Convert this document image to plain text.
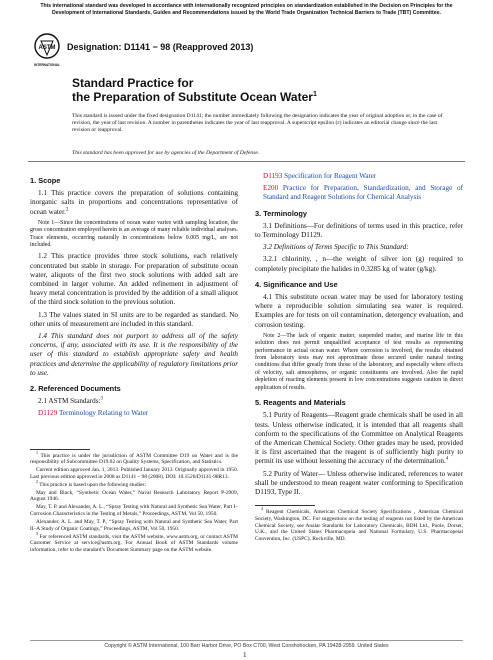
This international standard was developed in accordance with internationally recognized principles on standardization established in the Decision on Principles for the Development of International Standards, Guides and Recommendations issued by the World Trade Organization Technical Barriers to Trade (TBT) Committee.
ASTM
INTERNATIONAL
Designation: D1141 − 98 (Reapproved 2013)
Standard Practice for
the Preparation of Substitute Ocean Water$^1$
This standard is issued under the fixed designation D1141; the number immediately following the designation indicates the year of original adoption or, in the case of revision, the year of last revision. A number in parentheses indicates the year of last reapproval. A superscript epsilon (ε) indicates an editorial change since the last revision or reapproval.
This standard has been approved for use by agencies of the Department of Defense.
1. Scope

1.1 This practice covers the preparation of solutions containing inorganic salts in proportions and concentrations representative of ocean water.$^2$

Note 1—Since the concentrations of ocean water varies with sampling location, the gross concentration employed herein is an average of many reliable individual analyses. Trace elements, occurring naturally in concentrations below 0.005 mg/L, are not included.

1.2 This practice provides three stock solutions, each relatively concentrated but stable in storage. For preparation of substitute ocean water, aliquots of the first two stock solutions with added salt are combined in larger volume. An added refinement in adjustment of heavy metal concentration is provided by the addition of a small aliquot of the third stock solution to the previous solution.

1.3 The values stated in SI units are to be regarded as standard. No other units of measurement are included in this standard.

1.4 This standard does not purport to address all of the safety concerns, if any, associated with its use. It is the responsibility of the user of this standard to establish appropriate safety and health practices and determine the applicability of regulatory limitations prior to use.

2. Referenced Documents

2.1 ASTM Standards:$^3$

D1129 Terminology Relating to Water

$^1$ This practice is under the jurisdiction of ASTM Committee D19 on Water and is the responsibility of Subcommittee D19.02 on Quality Systems, Specification, and Statistics.
Current edition approved Jan. 1, 2013. Published January 2013. Originally approved in 1950. Last previous edition approved in 2008 as D1141 – 98 (2008). DOI: 10.1520/D1141-98R13.
$^2$ This practice is based upon the following studies:
May and Black, “Synthetic Ocean Water,” Naval Research Laboratory Report P-2909, August 1946.
May, T. P. and Alexander, A. L., “Spray Testing with Natural and Synthetic Sea Water, Part I–Corrosion Characteristics in the Testing of Metals,” Proceedings, ASTM, Vol 50, 1950.
Alexander, A. L. and May, T. P., “Spray Testing with Natural and Synthetic Sea Water, Part II–A Study of Organic Coatings,” Proceedings, ASTM, Vol 50, 1950.
$^3$ For referenced ASTM standards, visit the ASTM website, www.astm.org, or contact ASTM Customer Service at service@astm.org. For Annual Book of ASTM Standards volume information, refer to the standard’s Document Summary page on the ASTM website.

D1193 Specification for Reagent Water

E200 Practice for Preparation, Standardization, and Storage of Standard and Reagent Solutions for Chemical Analysis

3. Terminology

3.1 Definitions—For definitions of terms used in this practice, refer to Terminology D1129.

3.2 Definitions of Terms Specific to This Standard:

3.2.1 chlorinity, , n—the weight of silver ion (g) required to completely precipitate the halides in 0.3285 kg of water (g/kg).

4. Significance and Use

4.1 This substitute ocean water may be used for laboratory testing where a reproducible solution simulating sea water is required. Examples are for tests on oil contamination, detergency evaluation, and corrosion testing.

Note 2—The lack of organic matter, suspended matter, and marine life in this solution does not permit unqualified acceptance of test results as representing performance in actual ocean water. Where corrosion is involved, the results obtained from laboratory tests may not approximate those secured under natural testing conditions that differ greatly from those of the laboratory, and especially where effects of velocity, salt atmospheres, or organic constituents are involved. Also the rapid depletion of reacting elements present in low concentrations suggests caution in direct application of results.
5. Reagents and Materials

5.1 Purity of Reagents—Reagent grade chemicals shall be used in all tests. Unless otherwise indicated, it is intended that all reagents shall conform to the specifications of the Committee on Analytical Reagents of the American Chemical Society. Other grades may be used, provided it is first ascertained that the reagent is of sufficiently high purity to permit its use without lessening the accuracy of the determination.$^4$

5.2 Purity of Water— Unless otherwise indicated, references to water shall be understood to mean reagent water conforming to Specification D1193, Type II.

$^4$ Reagent Chemicals, American Chemical Society Specifications , American Chemical Society, Washington, DC. For suggestions on the testing of reagents not listed by the American Chemical Society, see Analar Standards for Laboratory Chemicals, BDH Ltd., Poole, Dorset, U.K., and the United States Pharmacopeia and National Formulary, U.S. Pharmacopeial Convention, Inc. (USPC), Rockville, MD.
Copyright © ASTM International, 100 Barr Harbor Drive, PO Box C700, West Conshohocken, PA 19428-2959. United States
1
